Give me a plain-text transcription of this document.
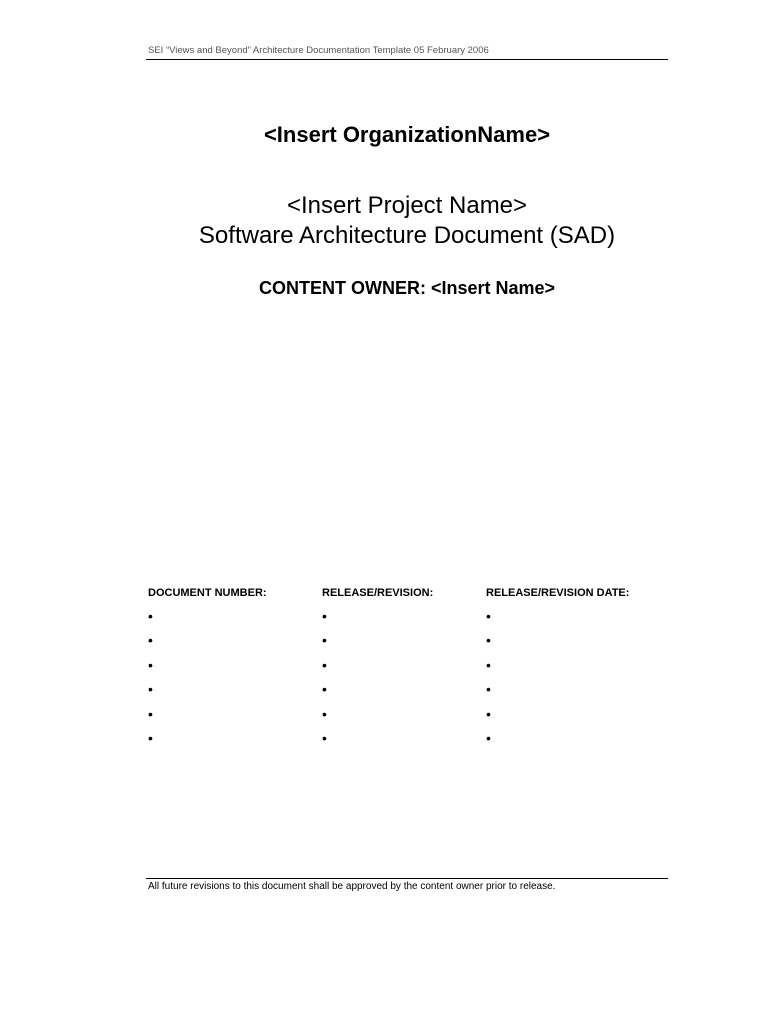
SEI “Views and Beyond” Architecture Documentation Template 05 February 2006
<Insert OrganizationName>
<Insert Project Name>
Software Architecture Document (SAD)
CONTENT OWNER: <Insert Name>
DOCUMENT NUMBER:
•
•
•
•
•
•
RELEASE/REVISION:
•
•
•
•
•
•
RELEASE/REVISION DATE:
•
•
•
•
•
•
All future revisions to this document shall be approved by the content owner prior to release.
